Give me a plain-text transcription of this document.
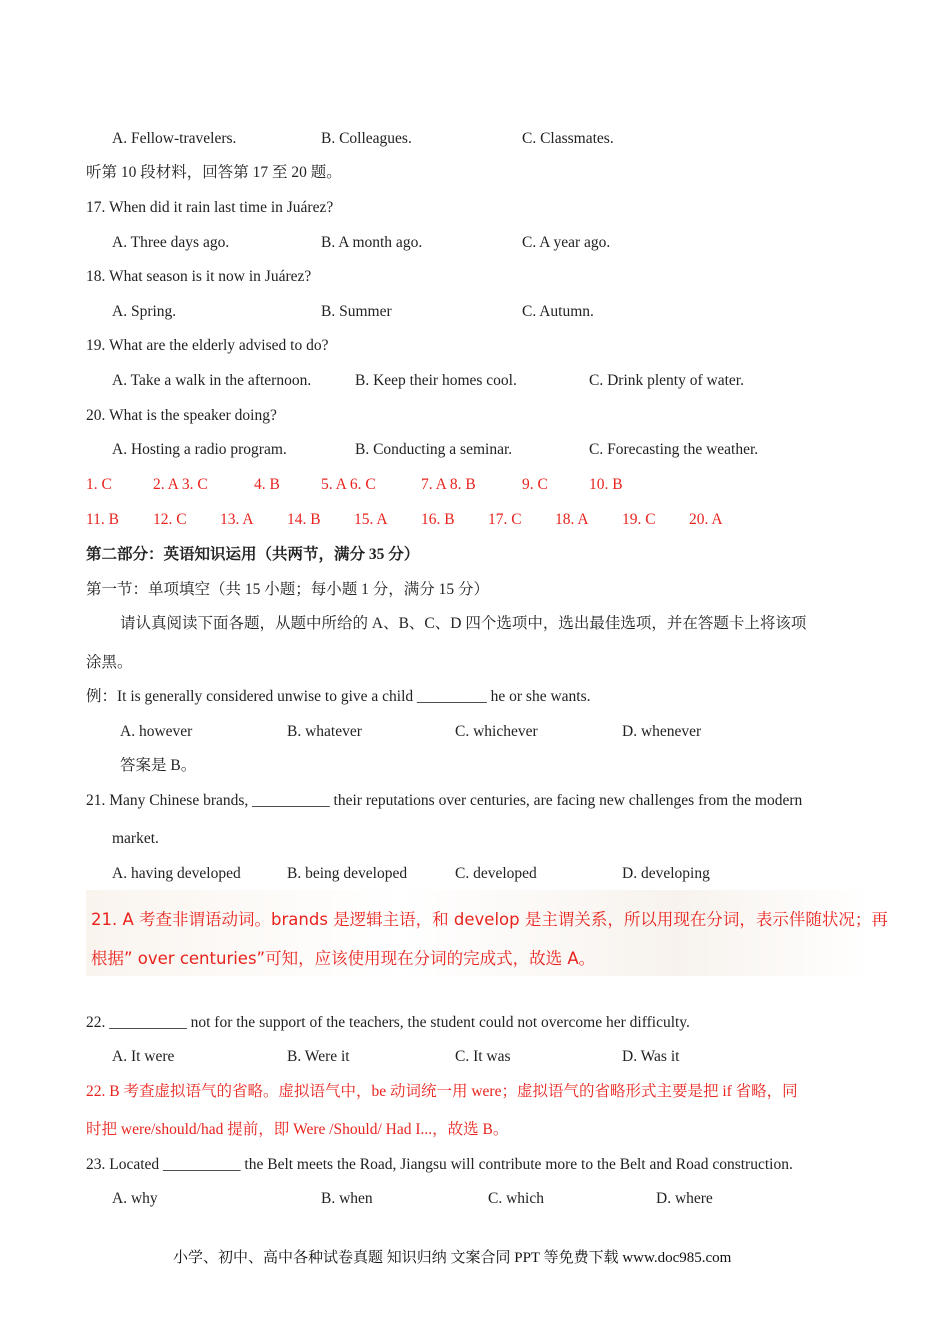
A. Fellow-travelers.	B. Colleagues.	C. Classmates.
听第 10 段材料，回答第 17 至 20 题。
17. When did it rain last time in Juárez?
A. Three days ago.	B. A month ago.	C. A year ago.
18. What season is it now in Juárez?
A. Spring.	B. Summer	C. Autumn.
19. What are the elderly advised to do?
A. Take a walk in the afternoon.	B. Keep their homes cool.	C. Drink plenty of water.
20. What is the speaker doing?
A. Hosting a radio program.	B. Conducting a seminar.	C. Forecasting the weather.
1. C	2. A 3. C	4. B	5. A 6. C	7. A 8. B	9. C	10. B
11. B 12. C 13. A 14. B 15. A 16. B 17. C 18. A 19. C 20. A
第二部分：英语知识运用（共两节，满分 35 分）
第一节：单项填空（共 15 小题；每小题 1 分，满分 15 分）
请认真阅读下面各题，从题中所给的 A、B、C、D 四个选项中，选出最佳选项，并在答题卡上将该项
涂黑。
例：It is generally considered unwise to give a child _________ he or she wants.
A. however	B. whatever	C. whichever	D. whenever
答案是 B。
21. Many Chinese brands, __________ their reputations over centuries, are facing new challenges from the modern
market.
A. having developed	B. being developed	C. developed	D. developing
21. A 考查非谓语动词。brands 是逻辑主语，和 develop 是主谓关系，所以用现在分词，表示伴随状况；再
根据” over centuries”可知，应该使用现在分词的完成式，故选 A。
22. __________ not for the support of the teachers, the student could not overcome her difficulty.
A. It were	B. Were it	C. It was	D. Was it
22. B 考查虚拟语气的省略。虚拟语气中，be 动词统一用 were；虚拟语气的省略形式主要是把 if 省略，同
时把 were/should/had 提前，即 Were /Should/ Had I...，故选 B。
23. Located __________ the Belt meets the Road, Jiangsu will contribute more to the Belt and Road construction.
A. why	B. when	C. which	D. where
小学、初中、高中各种试卷真题 知识归纳 文案合同 PPT 等免费下载 www.doc985.com
